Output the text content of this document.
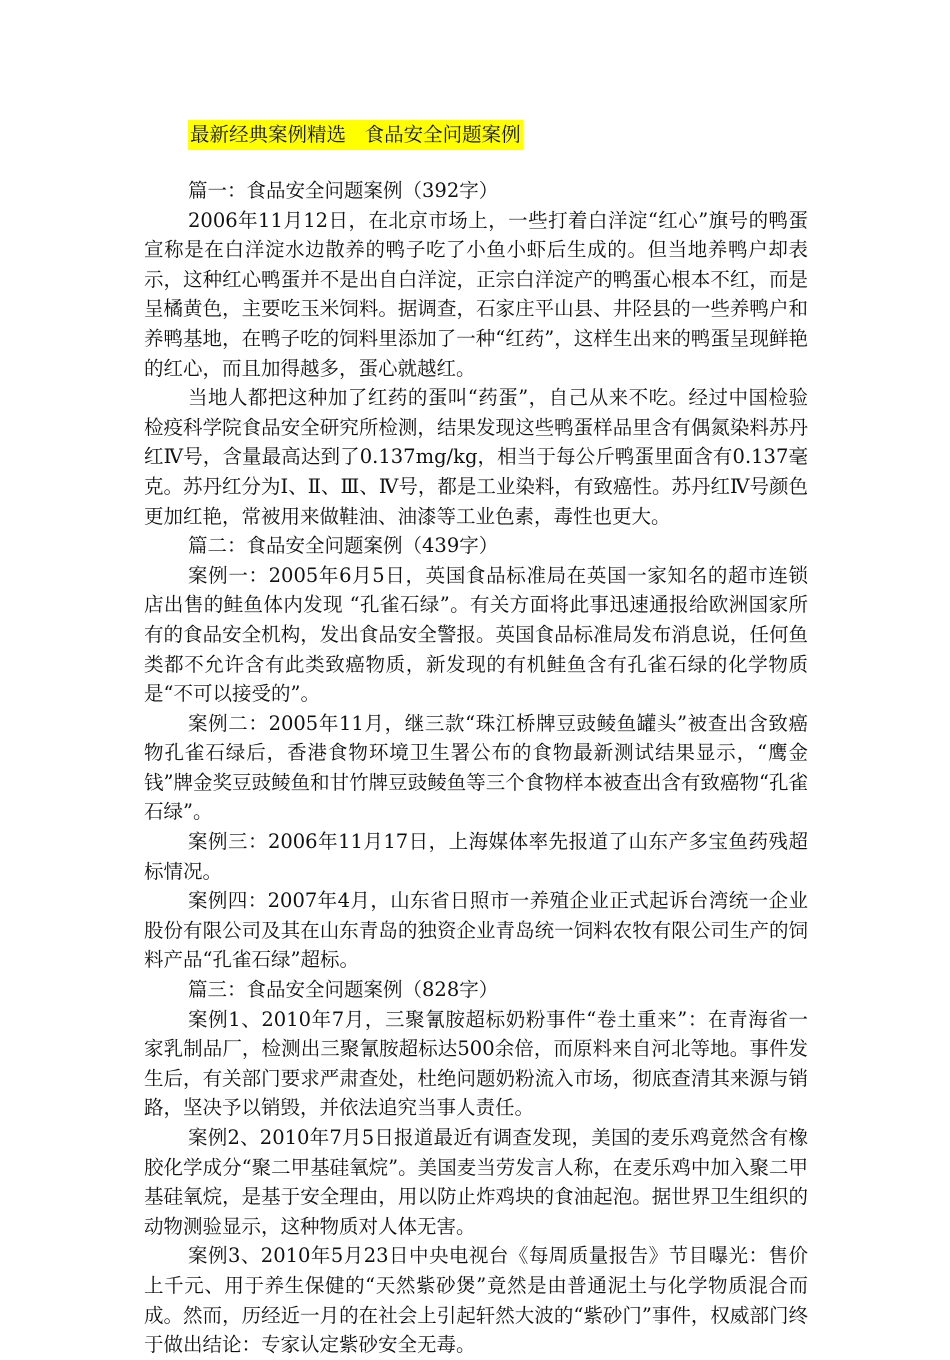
最新经典案例精选   食品安全问题案例

篇一：食品安全问题案例（392字）

2006年11月12日，在北京市场上，一些打着白洋淀“红心”旗号的鸭蛋宣称是在白洋淀水边散养的鸭子吃了小鱼小虾后生成的。但当地养鸭户却表示，这种红心鸭蛋并不是出自白洋淀，正宗白洋淀产的鸭蛋心根本不红，而是呈橘黄色，主要吃玉米饲料。据调查，石家庄平山县、井陉县的一些养鸭户和养鸭基地，在鸭子吃的饲料里添加了一种“红药”，这样生出来的鸭蛋呈现鲜艳的红心，而且加得越多，蛋心就越红。

当地人都把这种加了红药的蛋叫“药蛋”，自己从来不吃。经过中国检验检疫科学院食品安全研究所检测，结果发现这些鸭蛋样品里含有偶氮染料苏丹红Ⅳ号，含量最高达到了0.137mg/kg，相当于每公斤鸭蛋里面含有0.137毫克。苏丹红分为Ⅰ、Ⅱ、Ⅲ、Ⅳ号，都是工业染料，有致癌性。苏丹红Ⅳ号颜色更加红艳，常被用来做鞋油、油漆等工业色素，毒性也更大。

篇二：食品安全问题案例（439字）

案例一：2005年6月5日，英国食品标准局在英国一家知名的超市连锁店出售的鲑鱼体内发现 “孔雀石绿”。有关方面将此事迅速通报给欧洲国家所有的食品安全机构，发出食品安全警报。英国食品标准局发布消息说，任何鱼类都不允许含有此类致癌物质，新发现的有机鲑鱼含有孔雀石绿的化学物质是“不可以接受的”。

案例二：2005年11月，继三款“珠江桥牌豆豉鲮鱼罐头”被查出含致癌物孔雀石绿后，香港食物环境卫生署公布的食物最新测试结果显示，“鹰金钱”牌金奖豆豉鲮鱼和甘竹牌豆豉鲮鱼等三个食物样本被查出含有致癌物“孔雀石绿”。

案例三：2006年11月17日，上海媒体率先报道了山东产多宝鱼药残超标情况。

案例四：2007年4月，山东省日照市一养殖企业正式起诉台湾统一企业股份有限公司及其在山东青岛的独资企业青岛统一饲料农牧有限公司生产的饲料产品“孔雀石绿”超标。

篇三：食品安全问题案例（828字）

案例1、2010年7月，三聚氰胺超标奶粉事件“卷土重来”：在青海省一家乳制品厂，检测出三聚氰胺超标达500余倍，而原料来自河北等地。事件发生后，有关部门要求严肃查处，杜绝问题奶粉流入市场，彻底查清其来源与销路，坚决予以销毁，并依法追究当事人责任。

案例2、2010年7月5日报道最近有调查发现，美国的麦乐鸡竟然含有橡胶化学成分“聚二甲基硅氧烷”。美国麦当劳发言人称，在麦乐鸡中加入聚二甲基硅氧烷，是基于安全理由，用以防止炸鸡块的食油起泡。据世界卫生组织的动物测验显示，这种物质对人体无害。

案例3、2010年5月23日中央电视台《每周质量报告》节目曝光：售价上千元、用于养生保健的“天然紫砂煲”竟然是由普通泥土与化学物质混合而成。然而，历经近一月的在社会上引起轩然大波的“紫砂门”事件，权威部门终于做出结论：专家认定紫砂安全无毒。
